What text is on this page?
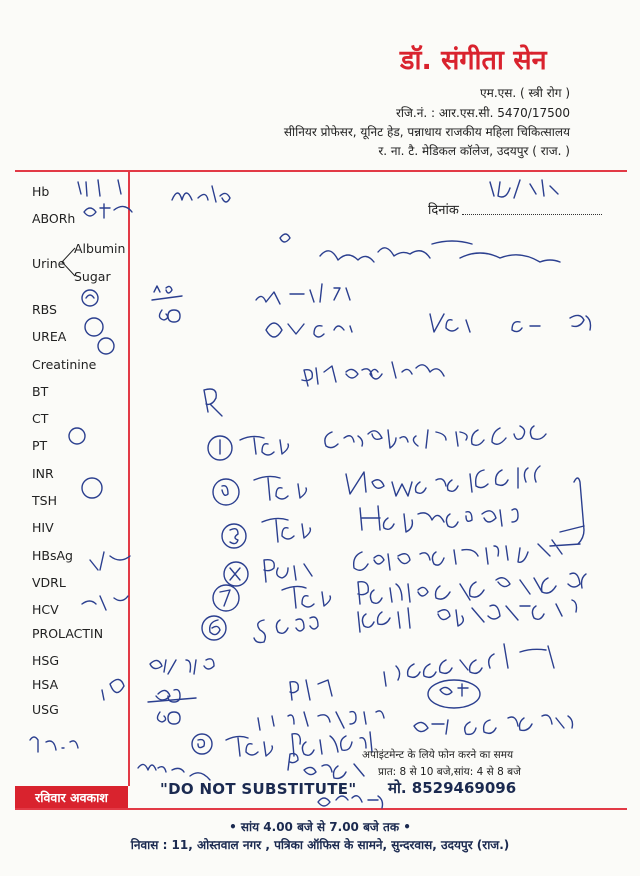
डॉ. संगीता सेन
एम.एस. ( स्त्री रोग )
रजि.नं. : आर.एस.सी. 5470/17500
सीनियर प्रोफेसर, यूनिट हेड, पन्नाधाय राजकीय महिला चिकित्सालय
र. ना. टै. मेडिकल कॉलेज, उदयपुर ( राज. )
Hb
ABORh
Urine
Albumin
Sugar
RBS
UREA
Creatinine
BT
CT
PT
INR
TSH
HIV
HBsAg
VDRL
HCV
PROLACTIN
HSG
HSA
USG
दिनांक
अपोइंटमेन्ट के लिये फोन करने का समय
प्रात: 8 से 10 बजे,सांय: 4 से 8 बजे
रविवार अवकाश	"DO NOT SUBSTITUTE" मो. 8529469096
• सांय 4.00 बजे से 7.00 बजे तक •
निवास : 11, ओस्तवाल नगर , पत्रिका ऑफिस के सामने, सुन्दरवास, उदयपुर (राज.)
